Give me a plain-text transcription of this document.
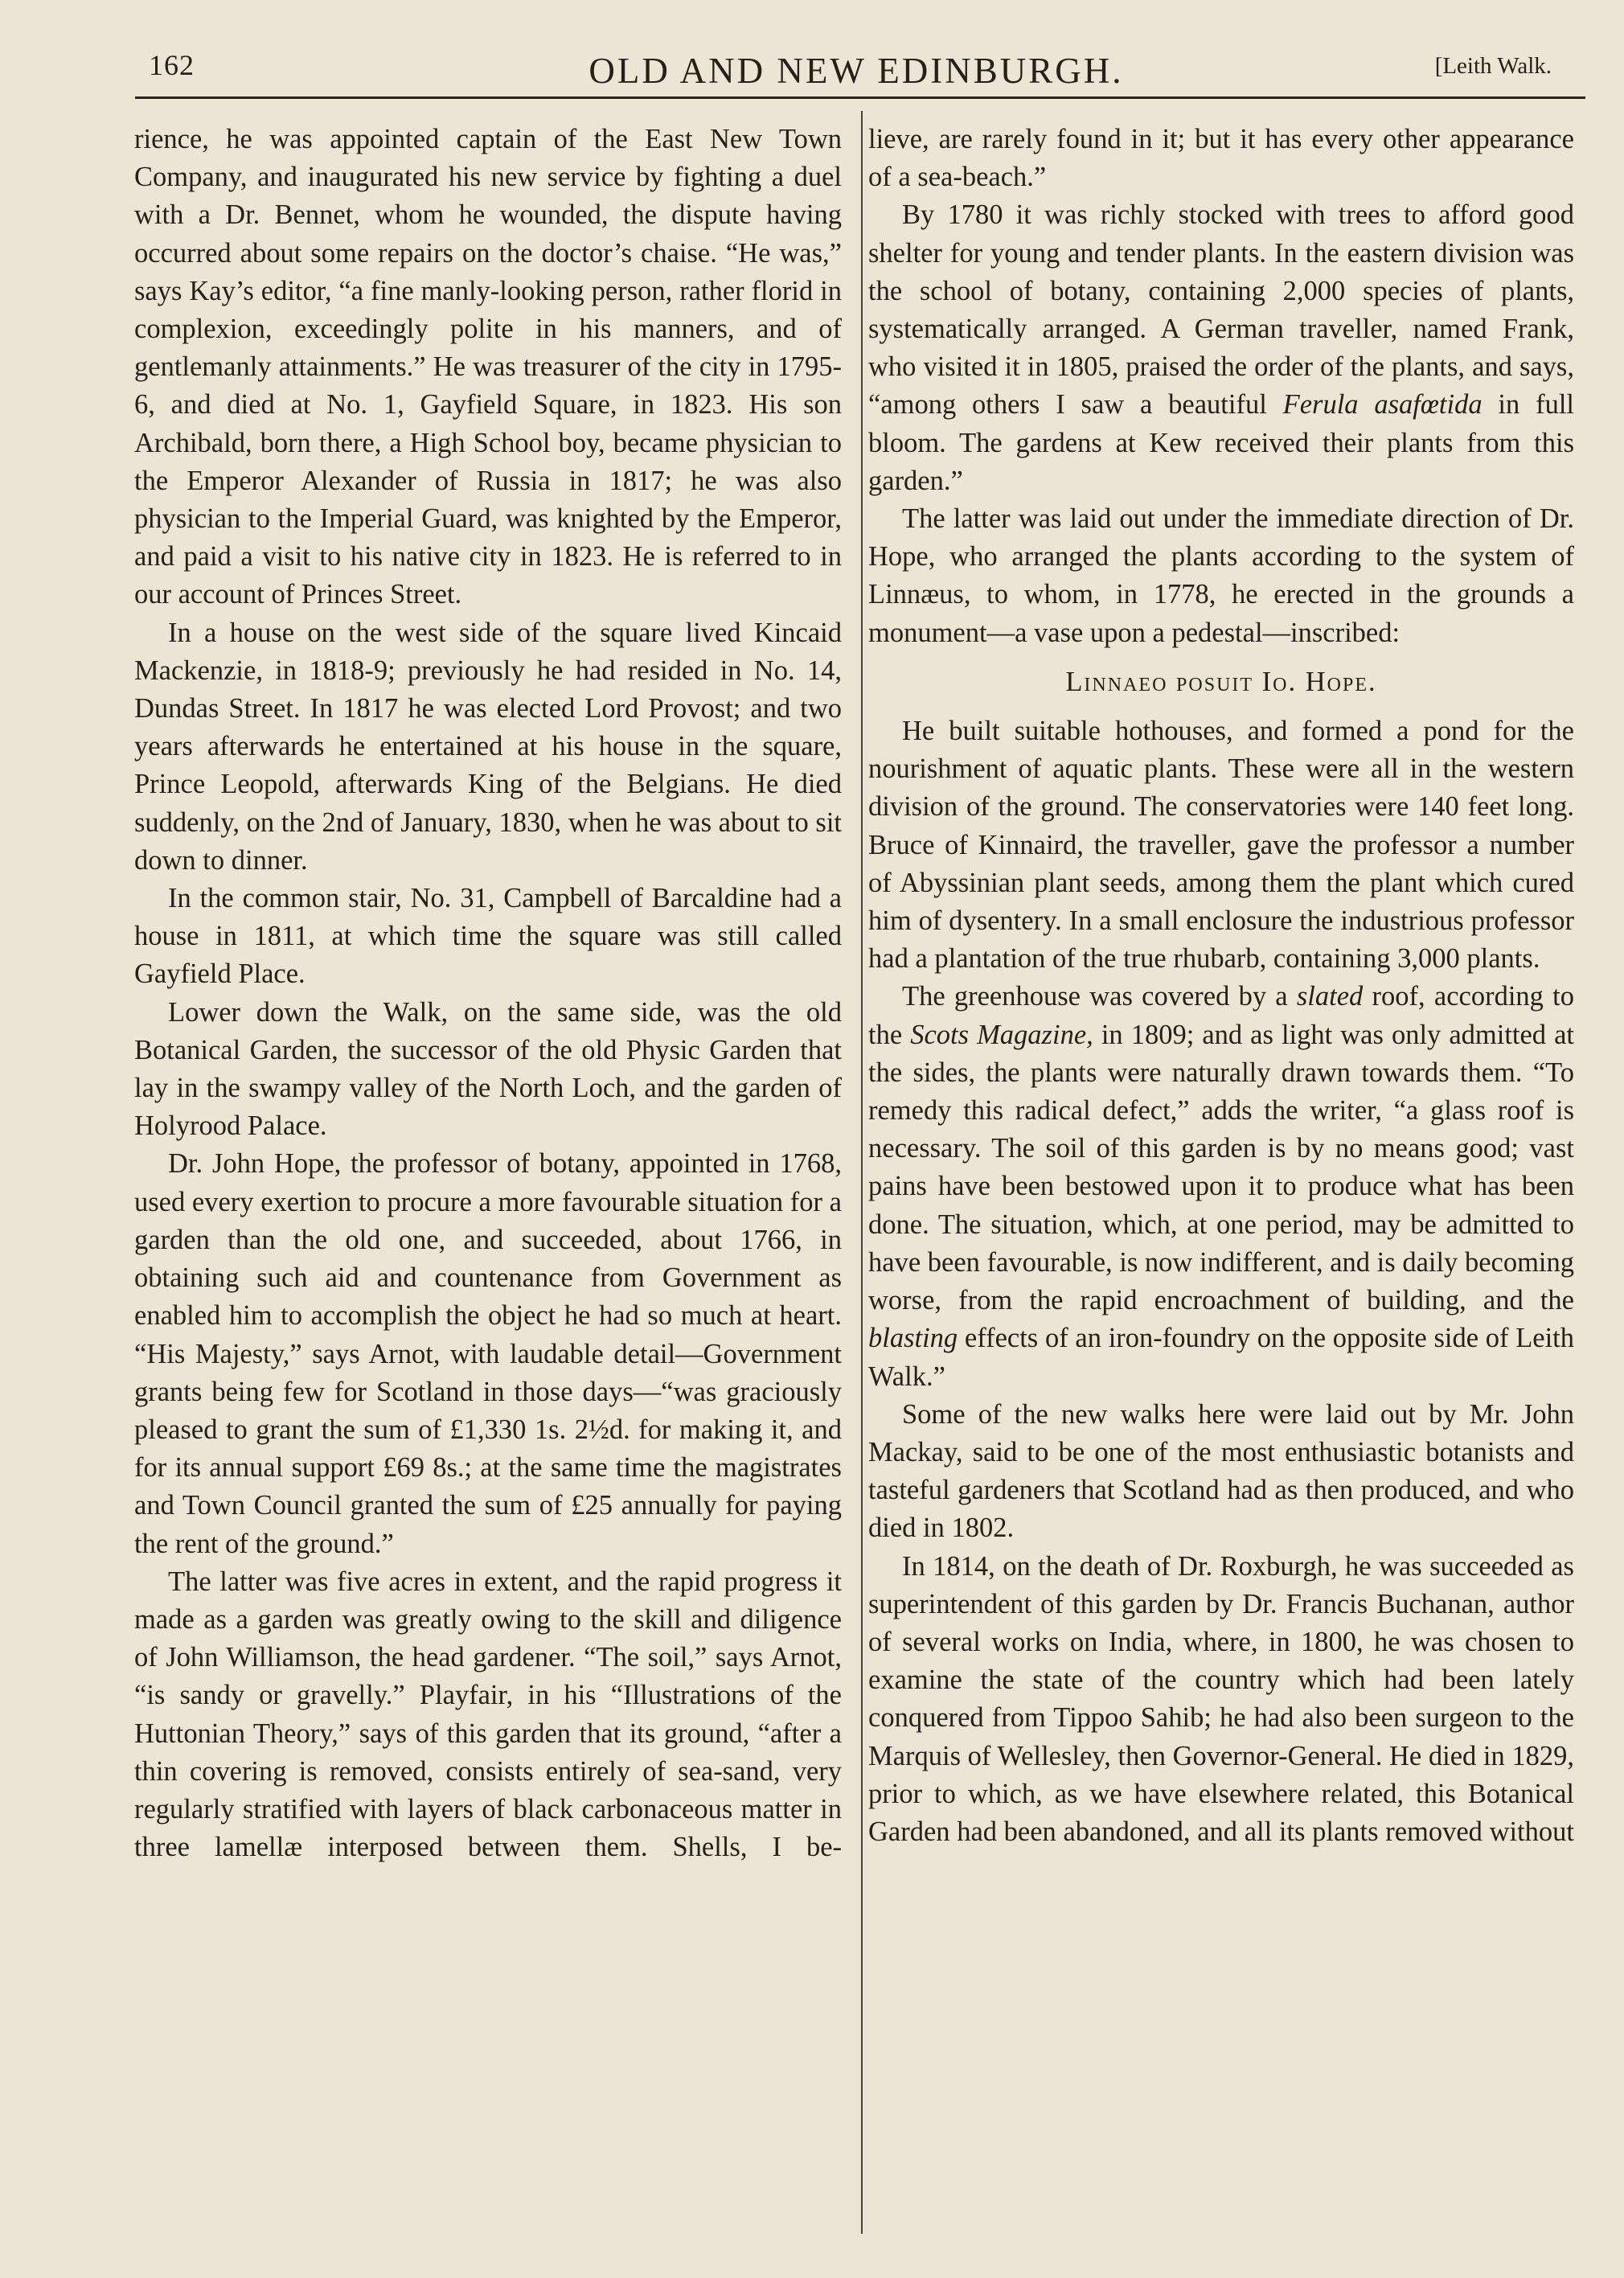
162	OLD AND NEW EDINBURGH.	[Leith Walk.

rience, he was appointed captain of the East New Town Company, and inaugurated his new service by fighting a duel with a Dr. Bennet, whom he wounded, the dispute having occurred about some repairs on the doctor’s chaise. “He was,” says Kay’s editor, “a fine manly-looking person, rather florid in complexion, exceedingly polite in his manners, and of gentlemanly attainments.” He was treasurer of the city in 1795-6, and died at No. 1, Gayfield Square, in 1823. His son Archibald, born there, a High School boy, became physician to the Emperor Alexander of Russia in 1817; he was also physician to the Imperial Guard, was knighted by the Emperor, and paid a visit to his native city in 1823. He is referred to in our account of Princes Street.

In a house on the west side of the square lived Kincaid Mackenzie, in 1818-9; previously he had resided in No. 14, Dundas Street. In 1817 he was elected Lord Provost; and two years afterwards he entertained at his house in the square, Prince Leopold, afterwards King of the Belgians. He died suddenly, on the 2nd of January, 1830, when he was about to sit down to dinner.

In the common stair, No. 31, Campbell of Barcaldine had a house in 1811, at which time the square was still called Gayfield Place.

Lower down the Walk, on the same side, was the old Botanical Garden, the successor of the old Physic Garden that lay in the swampy valley of the North Loch, and the garden of Holyrood Palace.

Dr. John Hope, the professor of botany, appointed in 1768, used every exertion to procure a more favourable situation for a garden than the old one, and succeeded, about 1766, in obtaining such aid and countenance from Government as enabled him to accomplish the object he had so much at heart. “His Majesty,” says Arnot, with laudable detail—Government grants being few for Scotland in those days—“was graciously pleased to grant the sum of £1,330 1s. 2½d. for making it, and for its annual support £69 8s.; at the same time the magistrates and Town Council granted the sum of £25 annually for paying the rent of the ground.”

The latter was five acres in extent, and the rapid progress it made as a garden was greatly owing to the skill and diligence of John Williamson, the head gardener. “The soil,” says Arnot, “is sandy or gravelly.” Playfair, in his “Illustrations of the Huttonian Theory,” says of this garden that its ground, “after a thin covering is removed, consists entirely of sea-sand, very regularly stratified with layers of black carbonaceous matter in three lamellæ interposed between them. Shells, I be-

lieve, are rarely found in it; but it has every other appearance of a sea-beach.”

By 1780 it was richly stocked with trees to afford good shelter for young and tender plants. In the eastern division was the school of botany, containing 2,000 species of plants, systematically arranged. A German traveller, named Frank, who visited it in 1805, praised the order of the plants, and says, “among others I saw a beautiful Ferula asafœtida in full bloom. The gardens at Kew received their plants from this garden.”

The latter was laid out under the immediate direction of Dr. Hope, who arranged the plants according to the system of Linnæus, to whom, in 1778, he erected in the grounds a monument—a vase upon a pedestal—inscribed:

Linnaeo posuit Io. Hope.

He built suitable hothouses, and formed a pond for the nourishment of aquatic plants. These were all in the western division of the ground. The conservatories were 140 feet long. Bruce of Kinnaird, the traveller, gave the professor a number of Abyssinian plant seeds, among them the plant which cured him of dysentery. In a small enclosure the industrious professor had a plantation of the true rhubarb, containing 3,000 plants.

The greenhouse was covered by a slated roof, according to the Scots Magazine, in 1809; and as light was only admitted at the sides, the plants were naturally drawn towards them. “To remedy this radical defect,” adds the writer, “a glass roof is necessary. The soil of this garden is by no means good; vast pains have been bestowed upon it to produce what has been done. The situation, which, at one period, may be admitted to have been favourable, is now indifferent, and is daily becoming worse, from the rapid encroachment of building, and the blasting effects of an iron-foundry on the opposite side of Leith Walk.”

Some of the new walks here were laid out by Mr. John Mackay, said to be one of the most enthusiastic botanists and tasteful gardeners that Scotland had as then produced, and who died in 1802.

In 1814, on the death of Dr. Roxburgh, he was succeeded as superintendent of this garden by Dr. Francis Buchanan, author of several works on India, where, in 1800, he was chosen to examine the state of the country which had been lately conquered from Tippoo Sahib; he had also been surgeon to the Marquis of Wellesley, then Governor-General. He died in 1829, prior to which, as we have elsewhere related, this Botanical Garden had been abandoned, and all its plants removed without
